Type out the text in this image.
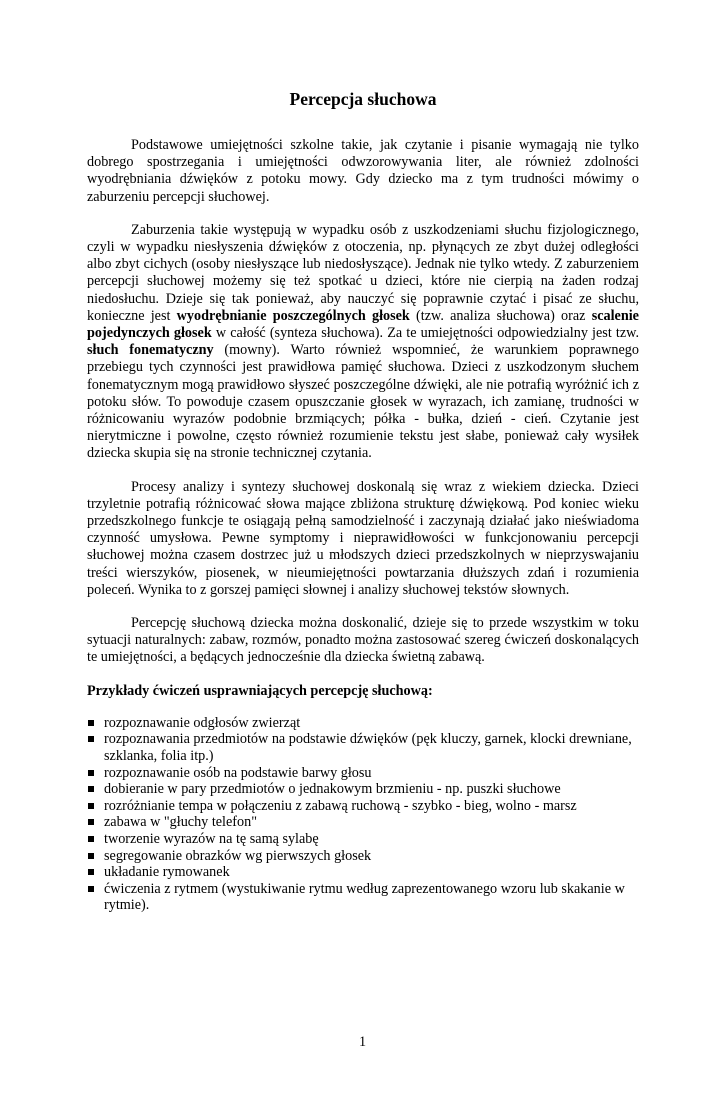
Percepcja słuchowa

Podstawowe umiejętności szkolne takie, jak czytanie i pisanie wymagają nie tylko dobrego spostrzegania i umiejętności odwzorowywania liter, ale również zdolności wyodrębniania dźwięków z potoku mowy. Gdy dziecko ma z tym trudności mówimy o zaburzeniu percepcji słuchowej.

Zaburzenia takie występują w wypadku osób z uszkodzeniami słuchu fizjologicznego, czyli w wypadku niesłyszenia dźwięków z otoczenia, np. płynących ze zbyt dużej odległości albo zbyt cichych (osoby niesłyszące lub niedosłyszące). Jednak nie tylko wtedy. Z zaburzeniem percepcji słuchowej możemy się też spotkać u dzieci, które nie cierpią na żaden rodzaj niedosłuchu. Dzieje się tak ponieważ, aby nauczyć się poprawnie czytać i pisać ze słuchu, konieczne jest wyodrębnianie poszczególnych głosek (tzw. analiza słuchowa) oraz scalenie pojedynczych głosek w całość (synteza słuchowa). Za te umiejętności odpowiedzialny jest tzw. słuch fonematyczny (mowny). Warto również wspomnieć, że warunkiem poprawnego przebiegu tych czynności jest prawidłowa pamięć słuchowa. Dzieci z uszkodzonym słuchem fonematycznym mogą prawidłowo słyszeć poszczególne dźwięki, ale nie potrafią wyróżnić ich z potoku słów. To powoduje czasem opuszczanie głosek w wyrazach, ich zamianę, trudności w różnicowaniu wyrazów podobnie brzmiących; półka - bułka, dzień - cień. Czytanie jest nierytmiczne i powolne, często również rozumienie tekstu jest słabe, ponieważ cały wysiłek dziecka skupia się na stronie technicznej czytania.

Procesy analizy i syntezy słuchowej doskonalą się wraz z wiekiem dziecka. Dzieci trzyletnie potrafią różnicować słowa mające zbliżona strukturę dźwiękową. Pod koniec wieku przedszkolnego funkcje te osiągają pełną samodzielność i zaczynają działać jako nieświadoma czynność umysłowa. Pewne symptomy i nieprawidłowości w funkcjonowaniu percepcji słuchowej można czasem dostrzec już u młodszych dzieci przedszkolnych w nieprzyswajaniu treści wierszyków, piosenek, w nieumiejętności powtarzania dłuższych zdań i rozumienia poleceń. Wynika to z gorszej pamięci słownej i analizy słuchowej tekstów słownych.

Percepcję słuchową dziecka można doskonalić, dzieje się to przede wszystkim w toku sytuacji naturalnych: zabaw, rozmów, ponadto można zastosować szereg ćwiczeń doskonalących te umiejętności, a będących jednocześnie dla dziecka świetną zabawą.

Przykłady ćwiczeń usprawniających percepcję słuchową:

rozpoznawanie odgłosów zwierząt
rozpoznawania przedmiotów na podstawie dźwięków (pęk kluczy, garnek, klocki drewniane, szklanka, folia itp.)
rozpoznawanie osób na podstawie barwy głosu
dobieranie w pary przedmiotów o jednakowym brzmieniu - np. puszki słuchowe
rozróżnianie tempa w połączeniu z zabawą ruchową - szybko - bieg, wolno - marsz
zabawa w "głuchy telefon"
tworzenie wyrazów na tę samą sylabę
segregowanie obrazków wg pierwszych głosek
układanie rymowanek
ćwiczenia z rytmem (wystukiwanie rytmu według zaprezentowanego wzoru lub skakanie w rytmie).
1
